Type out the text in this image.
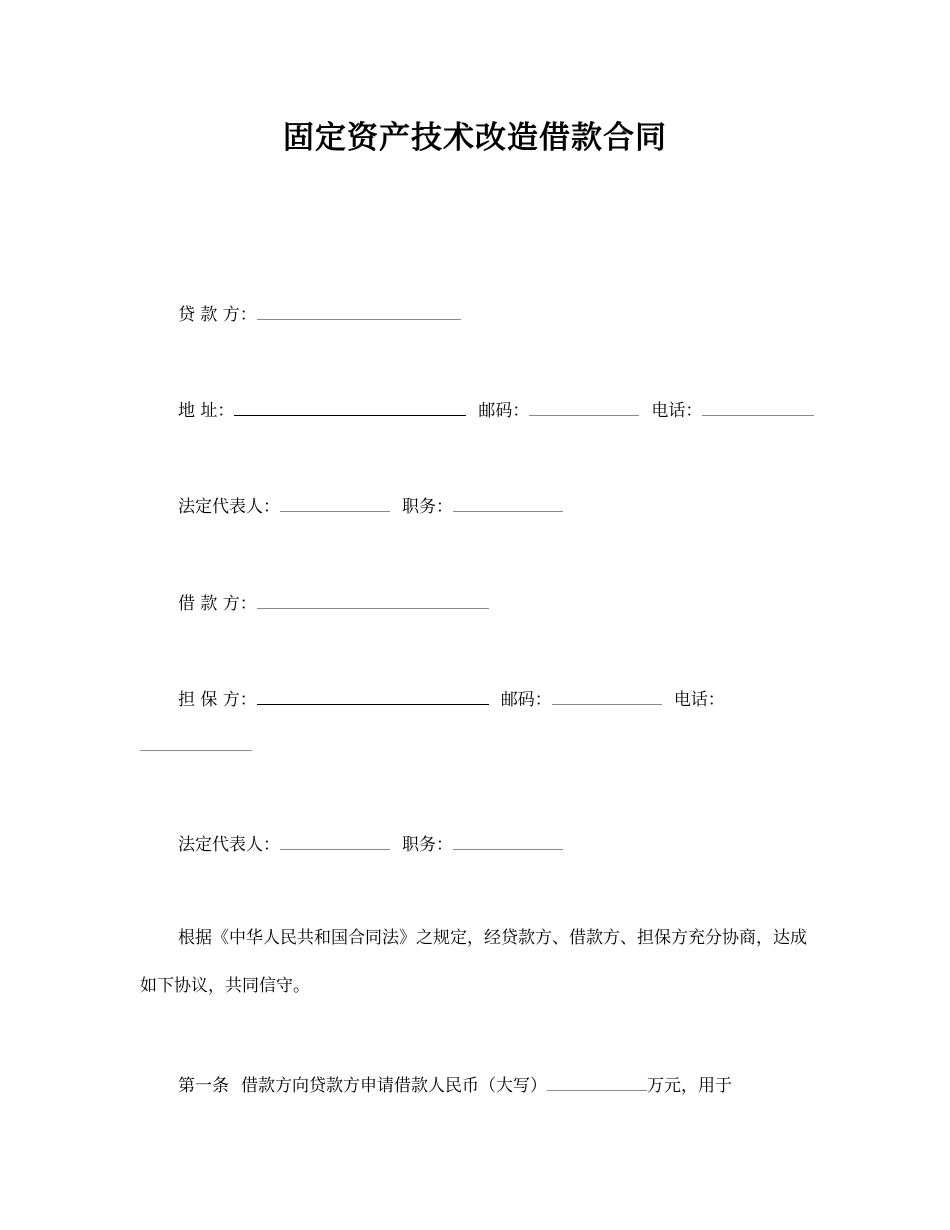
固定资产技术改造借款合同
贷 款 方：
地 址：	邮码：	电话：
法定代表人：	职务：
借 款 方：
担 保 方：	邮码：	电话：
法定代表人：	职务：
根据《中华人民共和国合同法》之规定，经贷款方、借款方、担保方充分协商，达成如下协议，共同信守。
第一条 借款方向贷款方申请借款人民币（大写）	万元，用于
